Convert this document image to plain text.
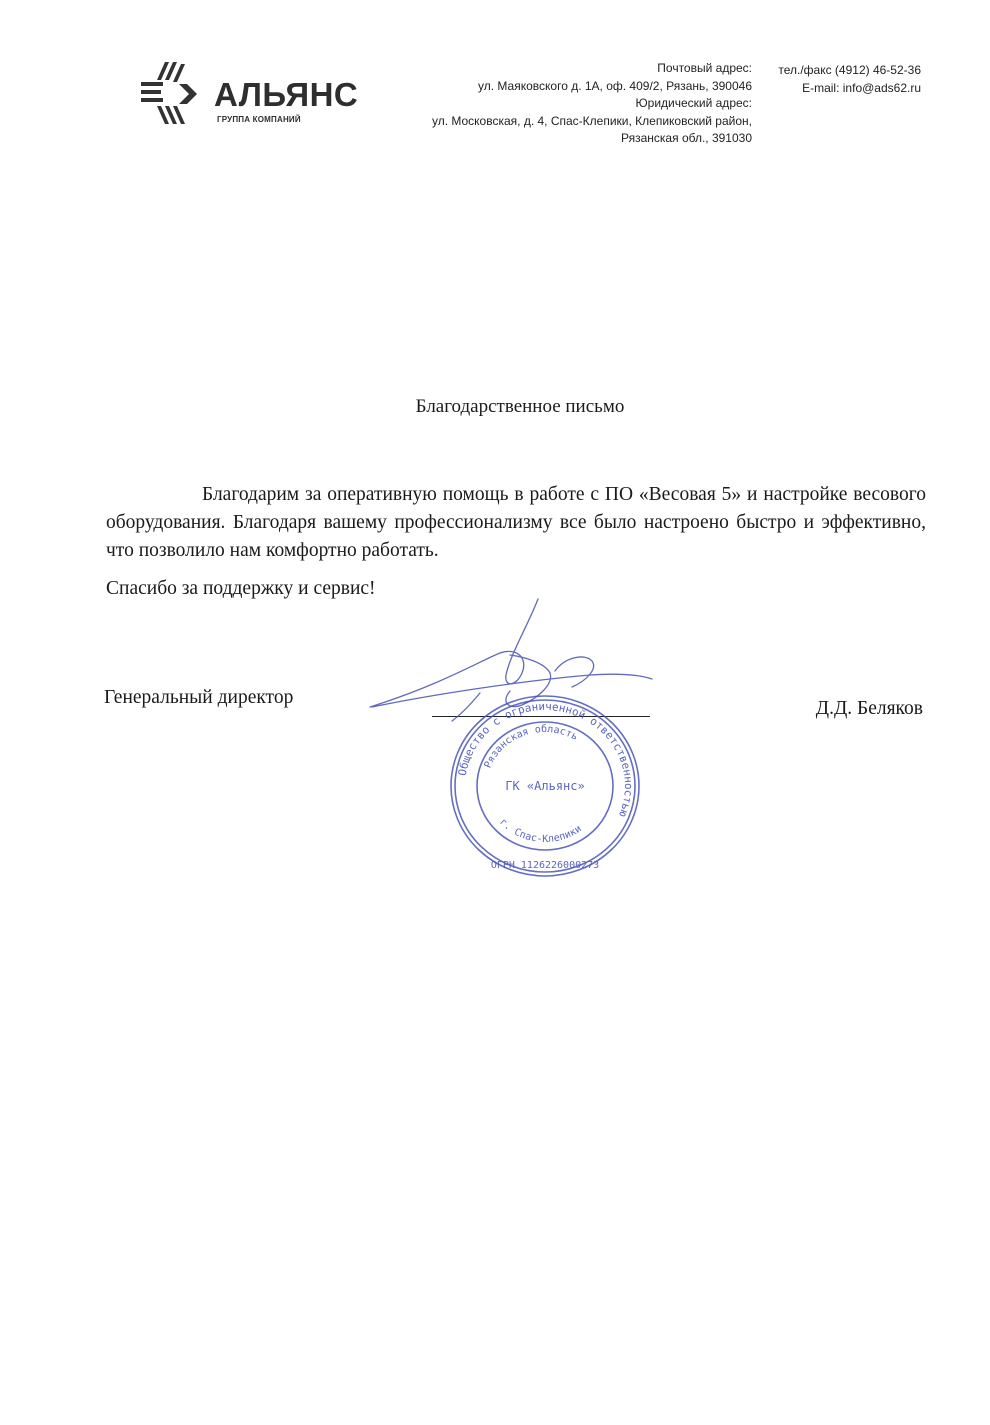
АЛЬЯНС
ГРУППА КОМПАНИЙ
Почтовый адрес:
ул. Маяковского д. 1А, оф. 409/2, Рязань, 390046
Юридический адрес:
ул. Московская, д. 4, Спас-Клепики, Клепиковский район,
Рязанская обл., 391030
тел./факс (4912) 46-52-36
E-mail: info@ads62.ru
Благодарственное письмо

Благодарим за оперативную помощь в работе с ПО «Весовая 5» и настройке весового оборудования. Благодаря вашему профессионализму все было настроено быстро и эффективно, что позволило нам комфортно работать.

Спасибо за поддержку и сервис!
Генеральный директор
Д.Д. Беляков
Общество с ограниченной ответственностью
Рязанская область
г. Спас-Клепики
ГК «Альянс»
ОГРН 1126226000273
